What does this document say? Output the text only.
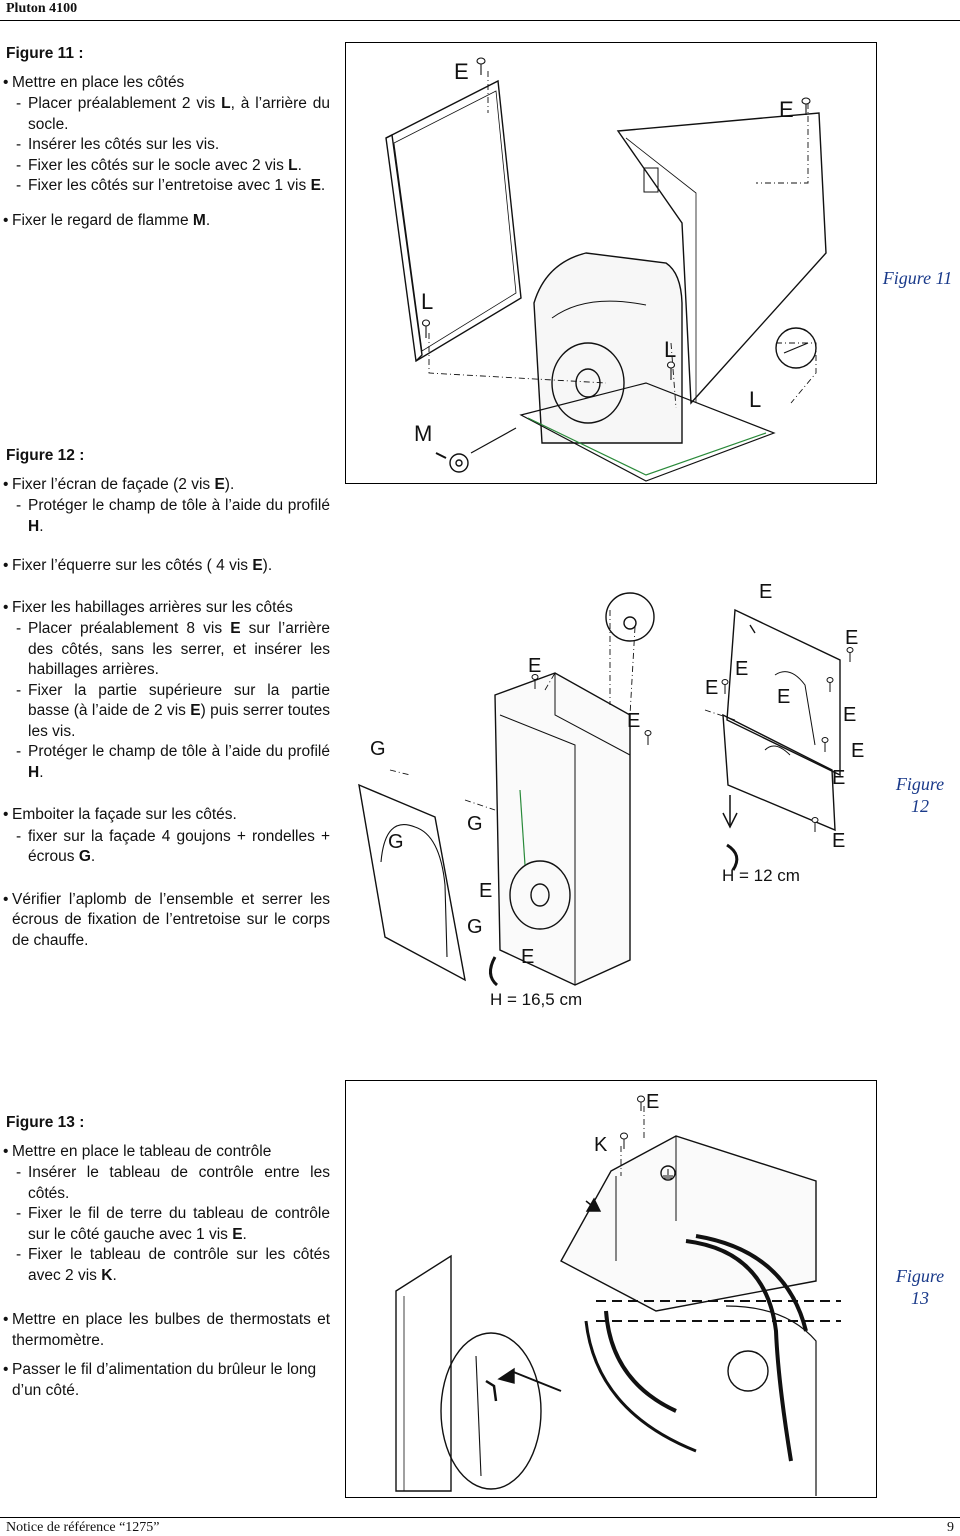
Pluton 4100
Figure 11 :
• Mettre en place les côtés
- Placer préalablement 2 vis L, à l’arrière du socle.
- Insérer les côtés sur les vis.
- Fixer les côtés sur le socle avec 2 vis L.
- Fixer les côtés sur l’entretoise avec 1 vis E.
• Fixer le regard de flamme M.
Figure 12 :
• Fixer l’écran de façade (2 vis E).
- Protéger le champ de tôle à l’aide du profilé H.
• Fixer l’équerre sur les côtés ( 4 vis E).
• Fixer les habillages arrières sur les côtés
- Placer préalablement 8 vis E sur l’arrière des côtés, sans les serrer, et insérer les habillages arrières.
- Fixer la partie supérieure sur la partie basse (à l’aide de 2 vis E) puis serrer toutes les vis.
- Protéger le champ de tôle à l’aide du profilé H.
• Emboiter la façade sur les côtés.
- fixer sur la façade 4 goujons + rondelles + écrous G.
• Vérifier l’aplomb de l’ensemble et serrer les écrous de fixation de l’entretoise sur le corps de chauffe.
Figure 13 :
• Mettre en place le tableau de contrôle
- Insérer le tableau de contrôle entre les côtés.
- Fixer le fil de terre du tableau de contrôle sur le côté gauche avec 1 vis E.
- Fixer le tableau de contrôle sur les côtés avec 2 vis K.
• Mettre en place les bulbes de thermostats et thermomètre.
• Passer le fil d’alimentation du brûleur le long d’un côté.
E
E
L
L
L
M
Figure 11
E
E
E	E
E	E
E	E
E
E
E
E
E
G
G
G
G
H = 12 cm
H = 16,5 cm
Figure
12
E
K
Figure
13
Notice de référence “1275”	9
